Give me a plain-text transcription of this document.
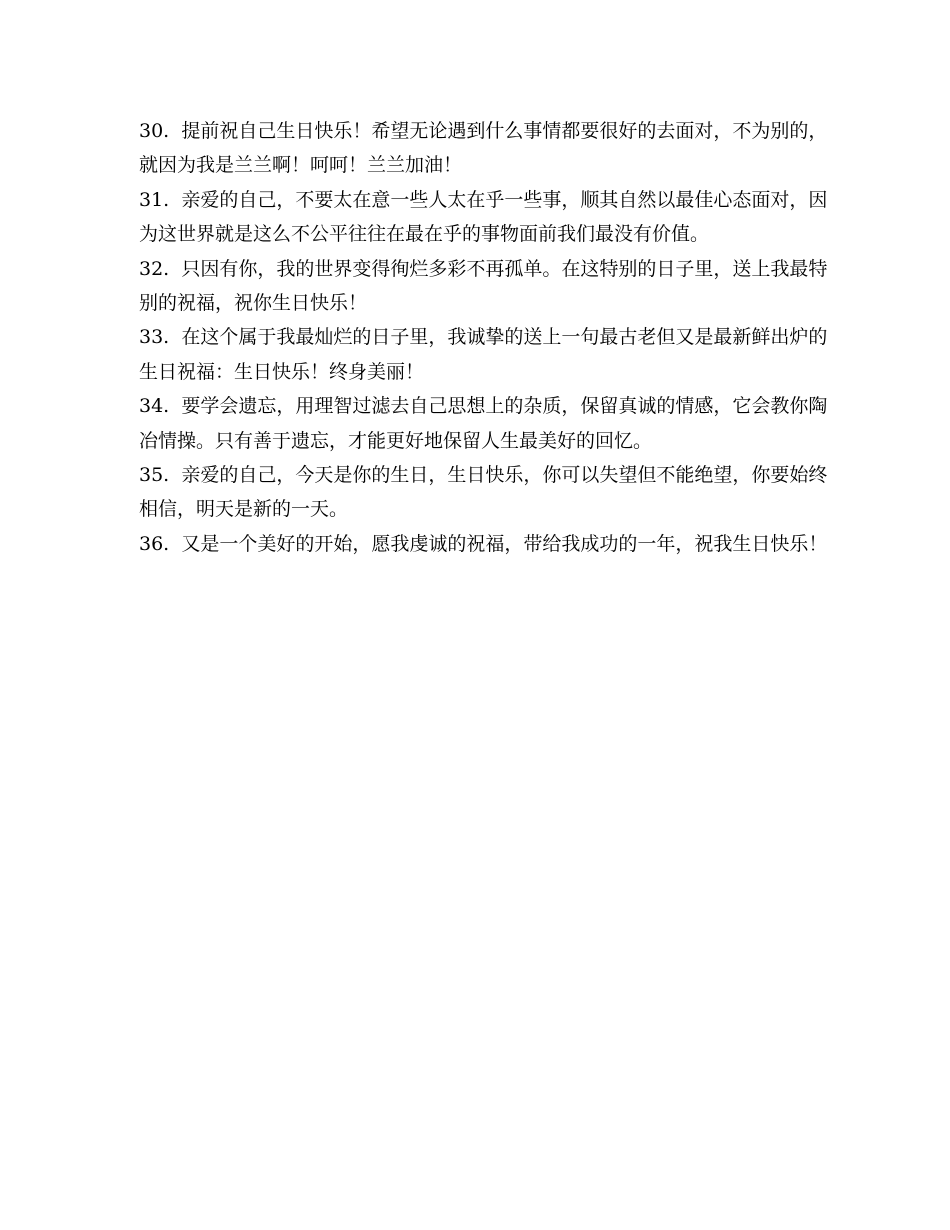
30. 提前祝自己生日快乐！希望无论遇到什么事情都要很好的去面对，不为别的，就因为我是兰兰啊！呵呵！兰兰加油！

31. 亲爱的自己，不要太在意一些人太在乎一些事，顺其自然以最佳心态面对，因为这世界就是这么不公平往往在最在乎的事物面前我们最没有价值。

32. 只因有你，我的世界变得徇烂多彩不再孤单。在这特别的日子里，送上我最特别的祝福，祝你生日快乐！

33. 在这个属于我最灿烂的日子里，我诚挚的送上一句最古老但又是最新鲜出炉的生日祝福：生日快乐！终身美丽！

34. 要学会遗忘，用理智过滤去自己思想上的杂质，保留真诚的情感，它会教你陶冶情操。只有善于遗忘，才能更好地保留人生最美好的回忆。

35. 亲爱的自己，今天是你的生日，生日快乐，你可以失望但不能绝望，你要始终相信，明天是新的一天。

36. 又是一个美好的开始，愿我虔诚的祝福，带给我成功的一年，祝我生日快乐！
